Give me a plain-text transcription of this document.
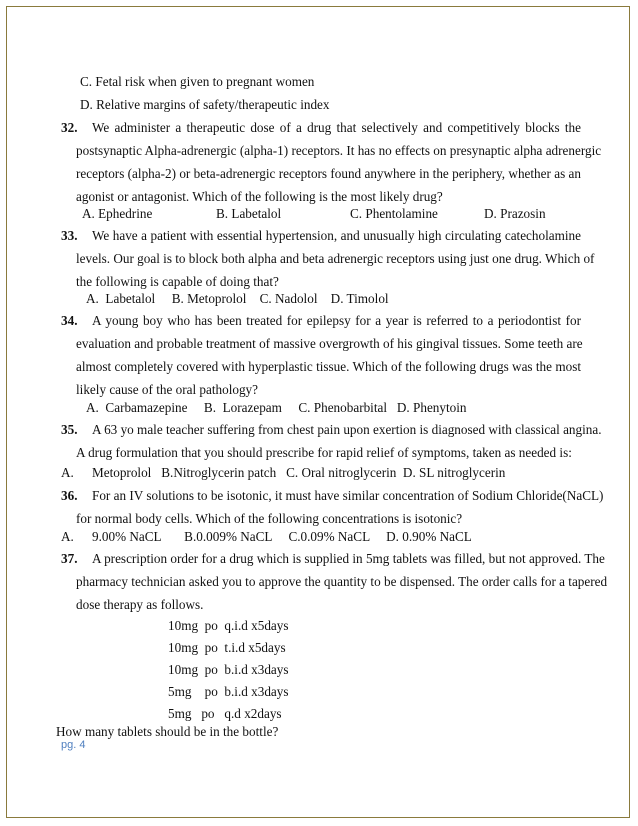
C. Fetal risk when given to pregnant women
D. Relative margins of safety/therapeutic index
32. We administer a therapeutic dose of a drug that selectively and competitively blocks the
postsynaptic Alpha-adrenergic (alpha-1) receptors. It has no effects on presynaptic alpha adrenergic
receptors (alpha-2) or beta-adrenergic receptors found anywhere in the periphery, whether as an
agonist or antagonist. Which of the following is the most likely drug?
A. Ephedrine	B. Labetalol	C. Phentolamine	D. Prazosin
33. We have a patient with essential hypertension, and unusually high circulating catecholamine
levels. Our goal is to block both alpha and beta adrenergic receptors using just one drug. Which of
the following is capable of doing that?
A.  Labetalol     B. Metoprolol    C. Nadolol    D. Timolol
34. A young boy who has been treated for epilepsy for a year is referred to a periodontist for
evaluation and probable treatment of massive overgrowth of his gingival tissues. Some teeth are
almost completely covered with hyperplastic tissue. Which of the following drugs was the most
likely cause of the oral pathology?
A.  Carbamazepine     B.  Lorazepam     C. Phenobarbital   D. Phenytoin
35. A 63 yo male teacher suffering from chest pain upon exertion is diagnosed with classical angina.
A drug formulation that you should prescribe for rapid relief of symptoms, taken as needed is:
A. Metoprolol   B.Nitroglycerin patch   C. Oral nitroglycerin  D. SL nitroglycerin
36. For an IV solutions to be isotonic, it must have similar concentration of Sodium Chloride(NaCL)
for normal body cells. Which of the following concentrations is isotonic?
A. 9.00% NaCL       B.0.009% NaCL     C.0.09% NaCL     D. 0.90% NaCL
37. A prescription order for a drug which is supplied in 5mg tablets was filled, but not approved. The
pharmacy technician asked you to approve the quantity to be dispensed. The order calls for a tapered
dose therapy as follows.
10mg  po  q.i.d x5days
10mg  po  t.i.d x5days
10mg  po  b.i.d x3days
5mg    po  b.i.d x3days
5mg   po   q.d x2days
How many tablets should be in the bottle?
pg. 4
